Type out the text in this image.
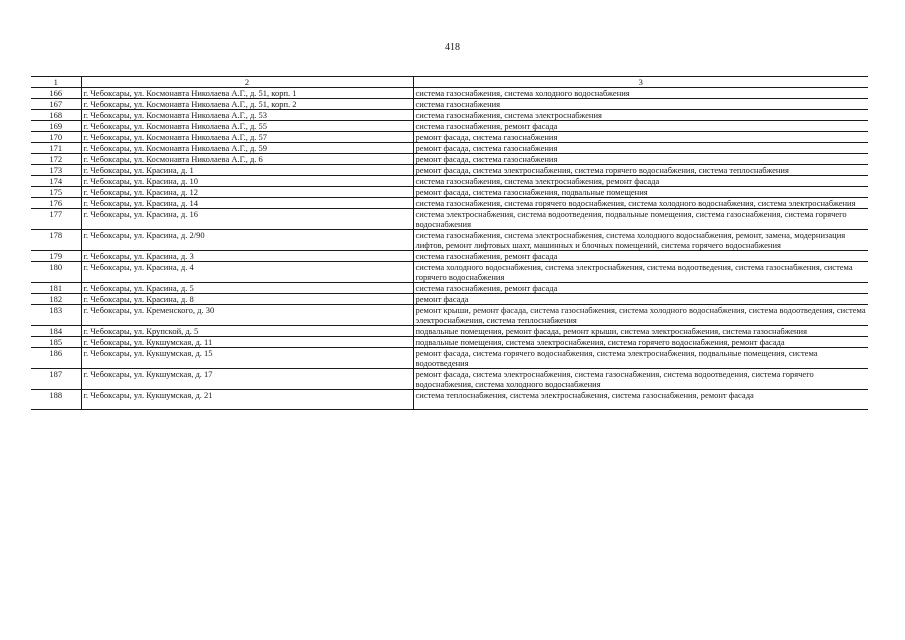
418
1	2	3
166	г. Чебоксары, ул. Космонавта Николаева А.Г., д. 51, корп. 1	система газоснабжения, система холодного водоснабжения
167	г. Чебоксары, ул. Космонавта Николаева А.Г., д. 51, корп. 2	система газоснабжения
168	г. Чебоксары, ул. Космонавта Николаева А.Г., д. 53	система газоснабжения, система электроснабжения
169	г. Чебоксары, ул. Космонавта Николаева А.Г., д. 55	система газоснабжения, ремонт фасада
170	г. Чебоксары, ул. Космонавта Николаева А.Г., д. 57	ремонт фасада, система газоснабжения
171	г. Чебоксары, ул. Космонавта Николаева А.Г., д. 59	ремонт фасада, система газоснабжения
172	г. Чебоксары, ул. Космонавта Николаева А.Г., д. 6	ремонт фасада, система газоснабжения
173	г. Чебоксары, ул. Красина, д. 1	ремонт фасада, система электроснабжения, система горячего водоснабжения, система теплоснабжения
174	г. Чебоксары, ул. Красина, д. 10	система газоснабжения, система электроснабжения, ремонт фасада
175	г. Чебоксары, ул. Красина, д. 12	ремонт фасада, система газоснабжения, подвальные помещения
176	г. Чебоксары, ул. Красина, д. 14	система газоснабжения, система горячего водоснабжения, система холодного водоснабжения, система электроснабжения
177	г. Чебоксары, ул. Красина, д. 16	система электроснабжения, система водоотведения, подвальные помещения, система газоснабжения, система горячего водоснабжения
178	г. Чебоксары, ул. Красина, д. 2/90	система газоснабжения, система электроснабжения, система холодного водоснабжения, ремонт, замена, модернизация лифтов, ремонт лифтовых шахт, машинных и блочных помещений, система горячего водоснабжения
179	г. Чебоксары, ул. Красина, д. 3	система газоснабжения, ремонт фасада
180	г. Чебоксары, ул. Красина, д. 4	система холодного водоснабжения, система электроснабжения, система водоотведения, система газоснабжения, система горячего водоснабжения
181	г. Чебоксары, ул. Красина, д. 5	система газоснабжения, ремонт фасада
182	г. Чебоксары, ул. Красина, д. 8	ремонт фасада
183	г. Чебоксары, ул. Кременского, д. 30	ремонт крыши, ремонт фасада, система газоснабжения, система холодного водоснабжения, система водоотведения, система электроснабжения, система теплоснабжения
184	г. Чебоксары, ул. Крупской, д. 5	подвальные помещения, ремонт фасада, ремонт крыши, система электроснабжения, система газоснабжения
185	г. Чебоксары, ул. Кукшумская, д. 11	подвальные помещения, система электроснабжения, система горячего водоснабжения, ремонт фасада
186	г. Чебоксары, ул. Кукшумская, д. 15	ремонт фасада, система горячего водоснабжения, система электроснабжения, подвальные помещения, система водоотведения
187	г. Чебоксары, ул. Кукшумская, д. 17	ремонт фасада, система электроснабжения, система газоснабжения, система водоотведения, система горячего водоснабжения, система холодного водоснабжения
188	г. Чебоксары, ул. Кукшумская, д. 21	система теплоснабжения, система электроснабжения, система газоснабжения, ремонт фасада
